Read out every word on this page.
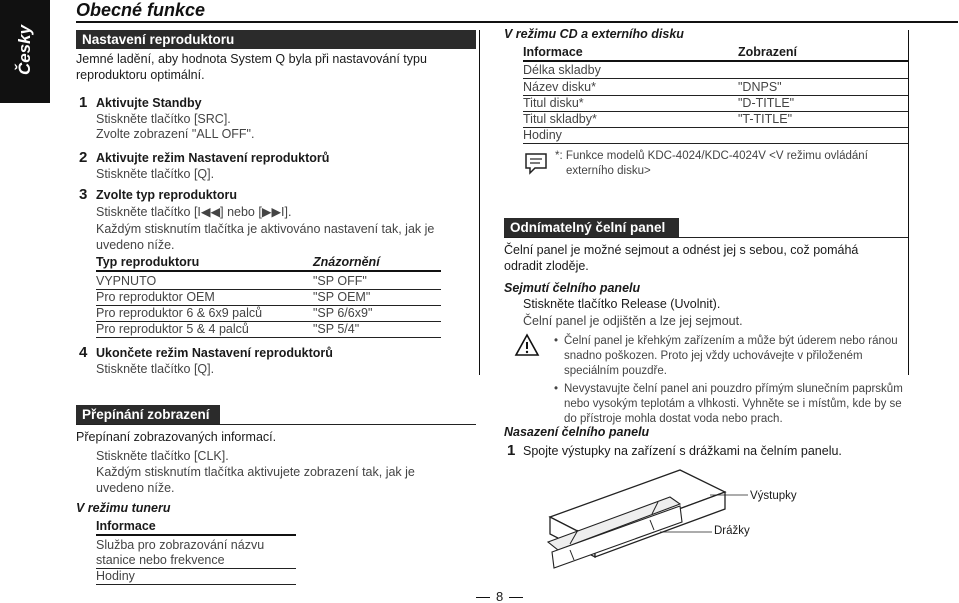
Česky
Obecné funkce
Nastavení reproduktoru
Jemné ladění, aby hodnota System Q byla při nastavování typu
reproduktoru optimální.
1 Aktivujte Standby
Stiskněte tlačítko [SRC].
Zvolte zobrazení "ALL OFF".
2 Aktivujte režim Nastavení reproduktorů
Stiskněte tlačítko [Q].
3 Zvolte typ reproduktoru
Stiskněte tlačítko [I◀◀] nebo [▶▶I].
Každým stisknutím tlačítka je aktivováno nastavení tak, jak je
uvedeno níže.
Typ reproduktoru	Znázornění
VYPNUTO	"SP OFF"
Pro reproduktor OEM	"SP OEM"
Pro reproduktor 6 & 6x9 palců	"SP 6/6x9"
Pro reproduktor 5 & 4 palců	"SP 5/4"
4 Ukončete režim Nastavení reproduktorů
Stiskněte tlačítko [Q].
Přepínání zobrazení
Přepínaní zobrazovaných informací.
Stiskněte tlačítko [CLK].
Každým stisknutím tlačítka aktivujete zobrazení tak, jak je
uvedeno níže.
V režimu tuneru
Informace
Služba pro zobrazování názvu
stanice nebo frekvence
Hodiny
8
V režimu CD a externího disku
Informace	Zobrazení
Délka skladby
Název disku*	"DNPS"
Titul disku*	"D-TITLE"
Titul skladby*	"T-TITLE"
Hodiny
*: Funkce modelů KDC-4024/KDC-4024V <V režimu ovládání
externího disku>
Odnímatelný čelní panel
Čelní panel je možné sejmout a odnést jej s sebou, což pomáhá
odradit zloděje.
Sejmutí čelního panelu
Stiskněte tlačítko Release (Uvolnit).
Čelní panel je odjištěn a lze jej sejmout.
• Čelní panel je křehkým zařízením a může být úderem nebo ránou
snadno poškozen. Proto jej vždy uchovávejte v přiloženém
speciálním pouzdře.
• Nevystavujte čelní panel ani pouzdro přímým slunečním paprskům
nebo vysokým teplotám a vlhkosti. Vyhněte se i místům, kde by se
do přístroje mohla dostat voda nebo prach.
Nasazení čelního panelu
1 Spojte výstupky na zařízení s drážkami na čelním panelu.
Výstupky
Drážky
